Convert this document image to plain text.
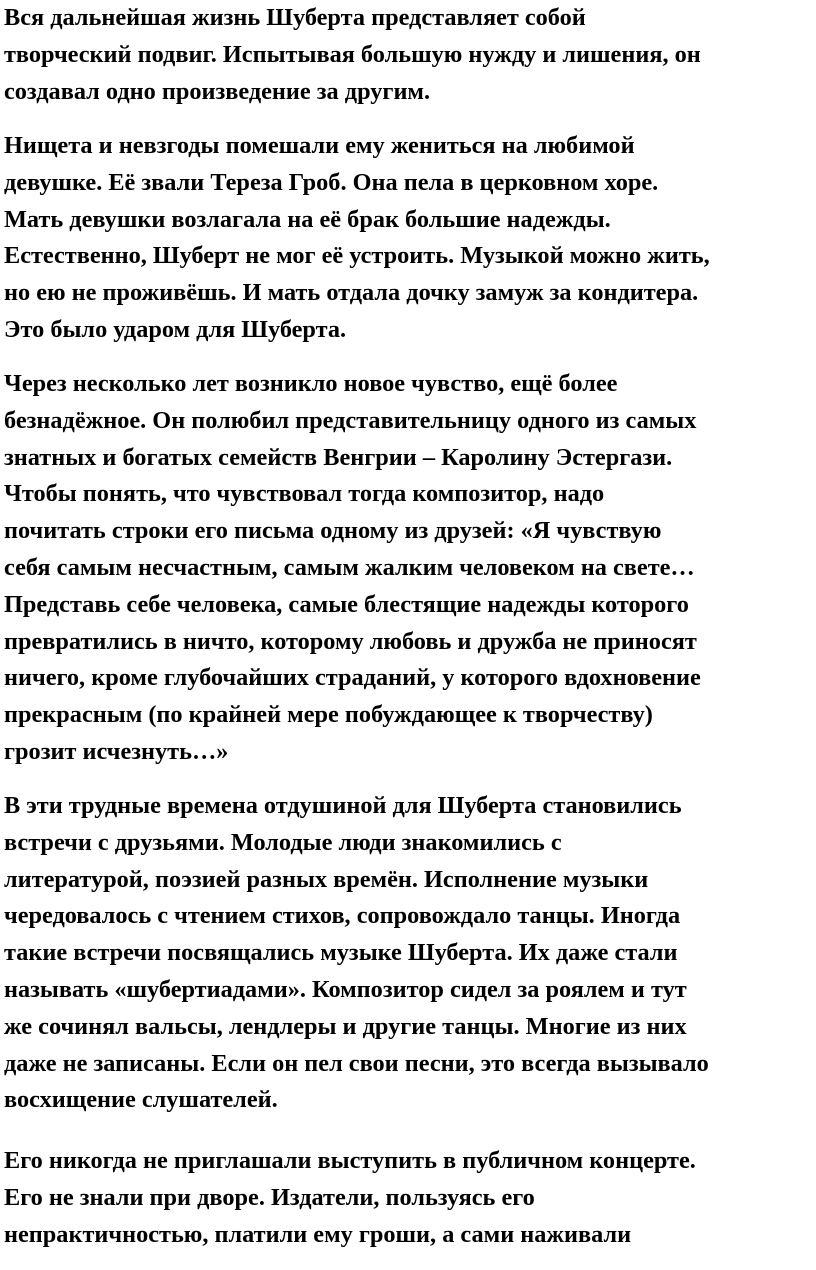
Вся дальнейшая жизнь Шуберта представляет собой
творческий подвиг. Испытывая большую нужду и лишения, он
создавал одно произведение за другим.

Нищета и невзгоды помешали ему жениться на любимой
девушке. Её звали Тереза Гроб. Она пела в церковном хоре.
Мать девушки возлагала на её брак большие надежды.
Естественно, Шуберт не мог её устроить. Музыкой можно жить,
но ею не проживёшь. И мать отдала дочку замуж за кондитера.
Это было ударом для Шуберта.

Через несколько лет возникло новое чувство, ещё более
безнадёжное. Он полюбил представительницу одного из самых
знатных и богатых семейств Венгрии – Каролину Эстергази.
Чтобы понять, что чувствовал тогда композитор, надо
почитать строки его письма одному из друзей: «Я чувствую
себя самым несчастным, самым жалким человеком на свете…
Представь себе человека, самые блестящие надежды которого
превратились в ничто, которому любовь и дружба не приносят
ничего, кроме глубочайших страданий, у которого вдохновение
прекрасным (по крайней мере побуждающее к творчеству)
грозит исчезнуть…»

В эти трудные времена отдушиной для Шуберта становились
встречи с друзьями. Молодые люди знакомились с
литературой, поэзией разных времён. Исполнение музыки
чередовалось с чтением стихов, сопровождало танцы. Иногда
такие встречи посвящались музыке Шуберта. Их даже стали
называть «шубертиадами». Композитор сидел за роялем и тут
же сочинял вальсы, лендлеры и другие танцы. Многие из них
даже не записаны. Если он пел свои песни, это всегда вызывало
восхищение слушателей.

Его никогда не приглашали выступить в публичном концерте.
Его не знали при дворе. Издатели, пользуясь его
непрактичностью, платили ему гроши, а сами наживали
